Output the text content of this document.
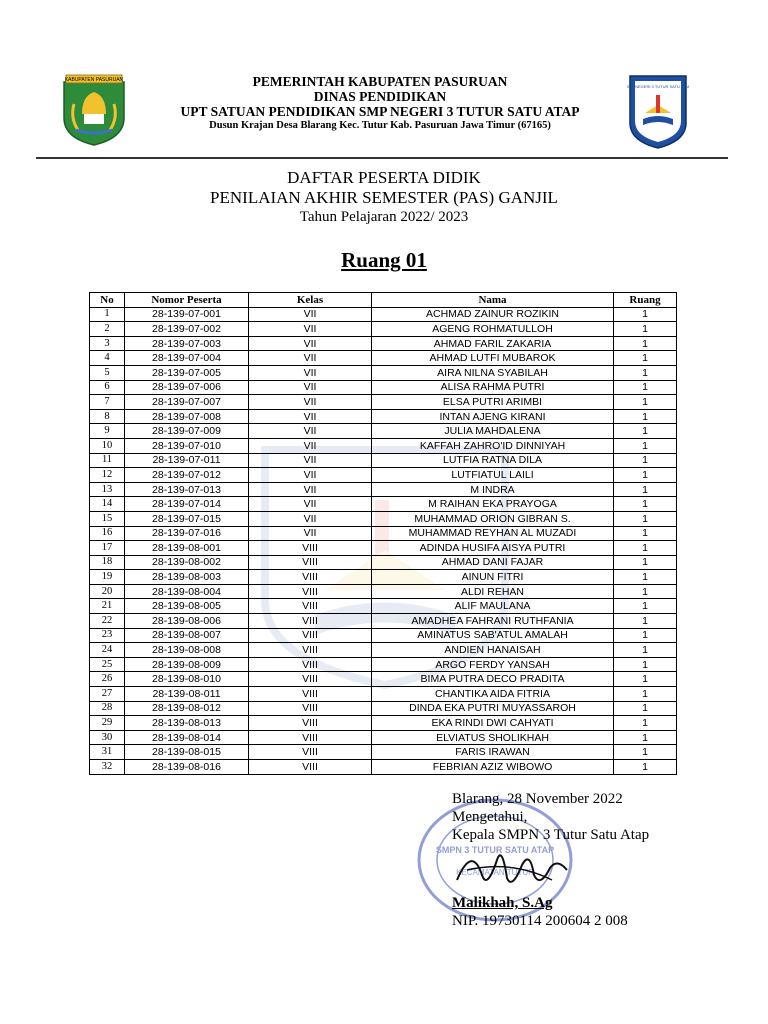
KABUPATEN PASURUAN
SMP NEGERI 3 TUTUR SATU ATAP
PEMERINTAH KABUPATEN PASURUAN
DINAS PENDIDIKAN
UPT SATUAN PENDIDIKAN SMP NEGERI 3 TUTUR SATU ATAP
Dusun Krajan Desa Blarang Kec. Tutur Kab. Pasuruan Jawa Timur (67165)
DAFTAR PESERTA DIDIK
PENILAIAN AKHIR SEMESTER (PAS) GANJIL
Tahun Pelajaran 2022/ 2023
Ruang 01
No	Nomor Peserta	Kelas	Nama	Ruang
1	28-139-07-001	VII	ACHMAD ZAINUR ROZIKIN	1
2	28-139-07-002	VII	AGENG ROHMATULLOH	1
3	28-139-07-003	VII	AHMAD FARIL ZAKARIA	1
4	28-139-07-004	VII	AHMAD LUTFI MUBAROK	1
5	28-139-07-005	VII	AIRA NILNA SYABILAH	1
6	28-139-07-006	VII	ALISA RAHMA PUTRI	1
7	28-139-07-007	VII	ELSA PUTRI ARIMBI	1
8	28-139-07-008	VII	INTAN AJENG KIRANI	1
9	28-139-07-009	VII	JULIA MAHDALENA	1
10	28-139-07-010	VII	KAFFAH ZAHRO'ID DINNIYAH	1
11	28-139-07-011	VII	LUTFIA RATNA DILA	1
12	28-139-07-012	VII	LUTFIATUL LAILI	1
13	28-139-07-013	VII	M INDRA	1
14	28-139-07-014	VII	M RAIHAN EKA PRAYOGA	1
15	28-139-07-015	VII	MUHAMMAD ORION GIBRAN S.	1
16	28-139-07-016	VII	MUHAMMAD REYHAN AL MUZADI	1
17	28-139-08-001	VIII	ADINDA HUSIFA AISYA PUTRI	1
18	28-139-08-002	VIII	AHMAD DANI FAJAR	1
19	28-139-08-003	VIII	AINUN FITRI	1
20	28-139-08-004	VIII	ALDI REHAN	1
21	28-139-08-005	VIII	ALIF MAULANA	1
22	28-139-08-006	VIII	AMADHEA FAHRANI RUTHFANIA	1
23	28-139-08-007	VIII	AMINATUS SAB'ATUL AMALAH	1
24	28-139-08-008	VIII	ANDIEN HANAISAH	1
25	28-139-08-009	VIII	ARGO FERDY YANSAH	1
26	28-139-08-010	VIII	BIMA PUTRA DECO PRADITA	1
27	28-139-08-011	VIII	CHANTIKA AIDA FITRIA	1
28	28-139-08-012	VIII	DINDA EKA PUTRI MUYASSAROH	1
29	28-139-08-013	VIII	EKA RINDI DWI CAHYATI	1
30	28-139-08-014	VIII	ELVIATUS SHOLIKHAH	1
31	28-139-08-015	VIII	FARIS IRAWAN	1
32	28-139-08-016	VIII	FEBRIAN AZIZ WIBOWO	1
SMPN 3 TUTUR SATU ATAP
KECAMATAN TUTUR
Blarang, 28 November 2022
Mengetahui,
Kepala SMPN 3 Tutur Satu Atap
Malikhah, S.Ag
NIP. 19730114 200604 2 008
